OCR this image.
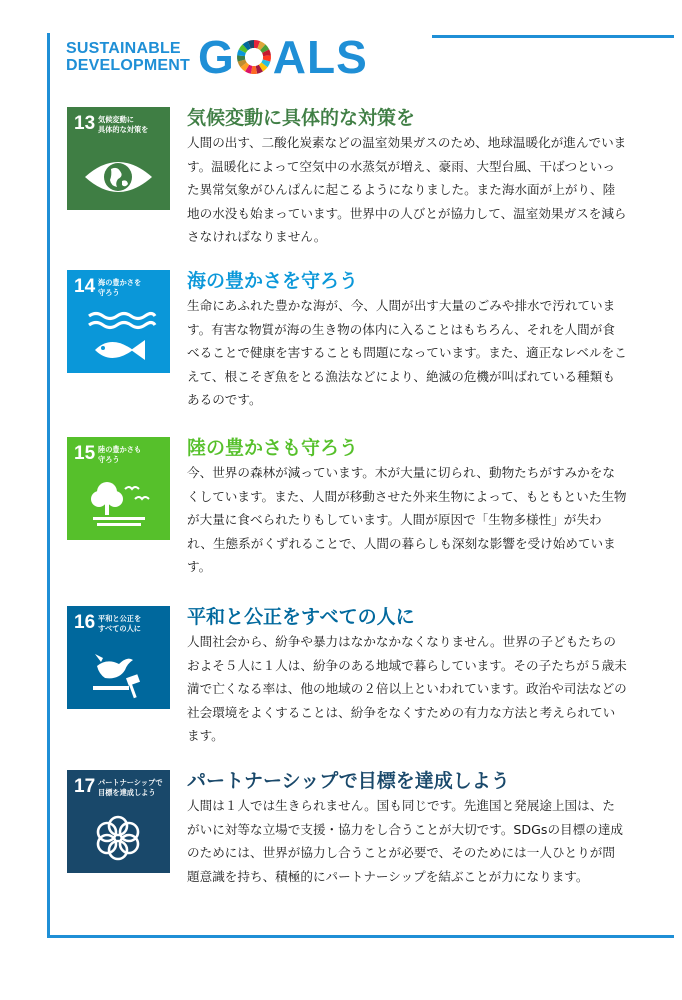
SUSTAINABLE
DEVELOPMENT G ALS
13 気候変動に
具体的な対策を
気候変動に具体的な対策を
人間の出す、二酸化炭素などの温室効果ガスのため、地球温暖化が進んでいます。温暖化によって空気中の水蒸気が増え、豪雨、大型台風、干ばつといった異常気象がひんぱんに起こるようになりました。また海水面が上がり、陸地の水没も始まっています。世界中の人びとが協力して、温室効果ガスを減らさなければなりません。
14 海の豊かさを
守ろう
海の豊かさを守ろう
生命にあふれた豊かな海が、今、人間が出す大量のごみや排水で汚れています。有害な物質が海の生き物の体内に入ることはもちろん、それを人間が食べることで健康を害することも問題になっています。また、適正なレベルをこえて、根こそぎ魚をとる漁法などにより、絶滅の危機が叫ばれている種類もあるのです。
15 陸の豊かさも
守ろう
陸の豊かさも守ろう
今、世界の森林が減っています。木が大量に切られ、動物たちがすみかをなくしています。また、人間が移動させた外来生物によって、もともといた生物が大量に食べられたりもしています。人間が原因で「生物多様性」が失われ、生態系がくずれることで、人間の暮らしも深刻な影響を受け始めています。
16 平和と公正を
すべての人に
平和と公正をすべての人に
人間社会から、紛争や暴力はなかなかなくなりません。世界の子どもたちのおよそ５人に１人は、紛争のある地域で暮らしています。その子たちが５歳未満で亡くなる率は、他の地域の２倍以上といわれています。政治や司法などの社会環境をよくすることは、紛争をなくすための有力な方法と考えられています。
17 パートナーシップで
目標を達成しよう
パートナーシップで目標を達成しよう
人間は１人では生きられません。国も同じです。先進国と発展途上国は、たがいに対等な立場で支援・協力をし合うことが大切です。SDGsの目標の達成のためには、世界が協力し合うことが必要で、そのためには一人ひとりが問題意識を持ち、積極的にパートナーシップを結ぶことが力になります。
